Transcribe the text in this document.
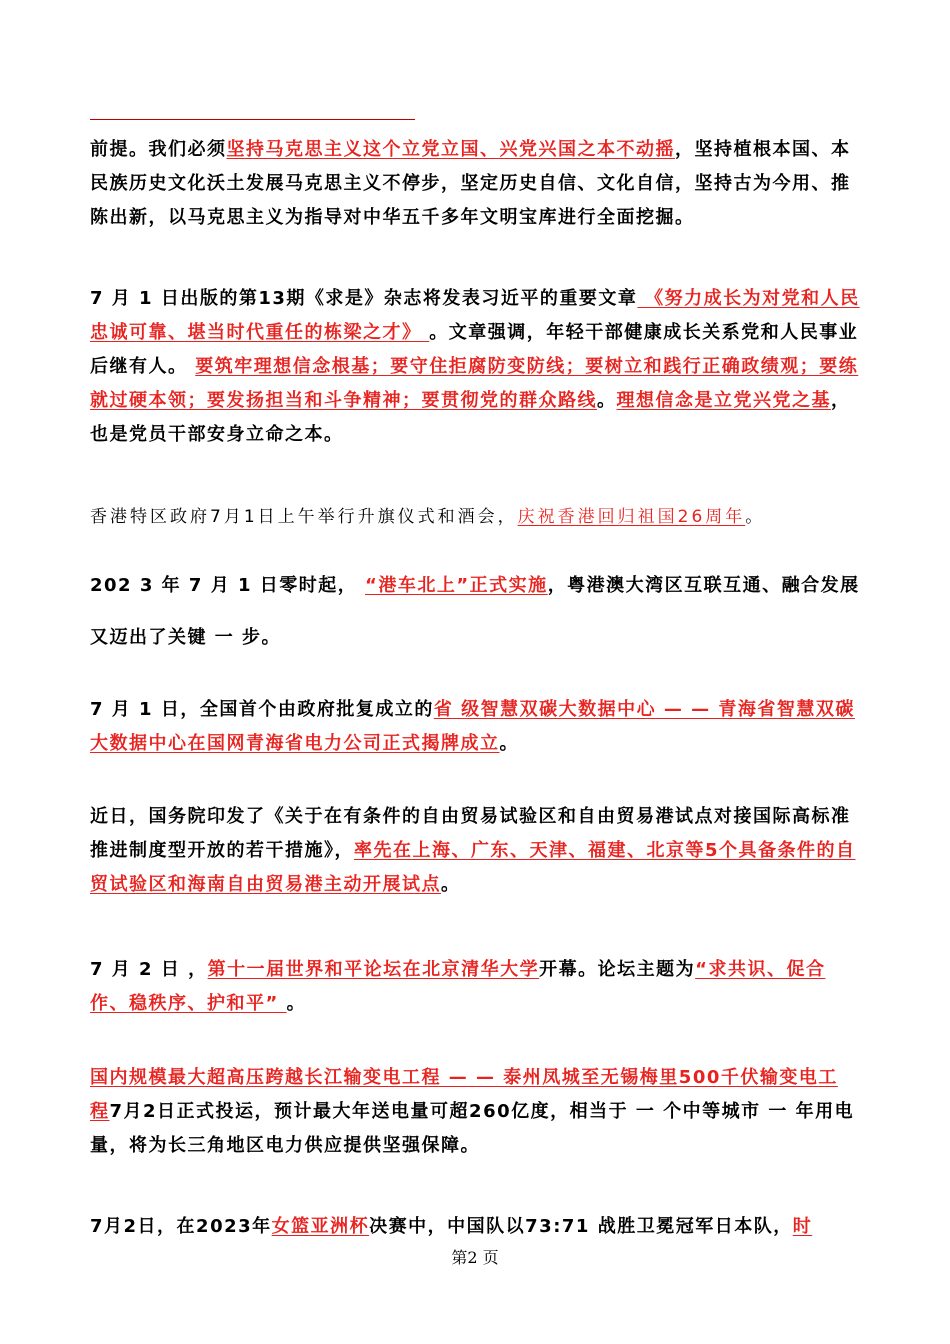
前提。我们必须坚持马克思主义这个立党立国、兴党兴国之本不动摇，坚持植根本国、本民族历史文化沃土发展马克思主义不停步，坚定历史自信、文化自信，坚持古为今用、推陈出新，以马克思主义为指导对中华五千多年文明宝库进行全面挖掘。

7 月 1 日出版的第13期《求是》杂志将发表习近平的重要文章 《努力成长为对党和人民忠诚可靠、堪当时代重任的栋梁之才》 。文章强调，年轻干部健康成长关系党和人民事业后继有人。 要筑牢理想信念根基；要守住拒腐防变防线；要树立和践行正确政绩观；要练就过硬本领；要发扬担当和斗争精神；要贯彻党的群众路线。理想信念是立党兴党之基，也是党员干部安身立命之本。

香港特区政府7月1日上午举行升旗仪式和酒会，庆祝香港回归祖国26周年。

202 3 年 7 月 1 日零时起， “港车北上”正式实施，粤港澳大湾区互联互通、融合发展又迈出了关键 一 步。

7 月 1 日，全国首个由政府批复成立的省 级智慧双碳大数据中心 — — 青海省智慧双碳大数据中心在国网青海省电力公司正式揭牌成立。

近日，国务院印发了《关于在有条件的自由贸易试验区和自由贸易港试点对接国际高标准推进制度型开放的若干措施》，率先在上海、广东、天津、福建、北京等5个具备条件的自贸试验区和海南自由贸易港主动开展试点。

7 月 2 日 ，第十一届世界和平论坛在北京清华大学开幕。论坛主题为“求共识、促合作、稳秩序、护和平” 。

国内规模最大超高压跨越长江输变电工程 — — 泰州凤城至无锡梅里500千伏输变电工 程7月2日正式投运，预计最大年送电量可超260亿度，相当于 一 个中等城市 一 年用电量，将为长三角地区电力供应提供坚强保障。

7月2日，在2023年女篮亚洲杯决赛中，中国队以73:71 战胜卫冕冠军日本队，时

第2 页
